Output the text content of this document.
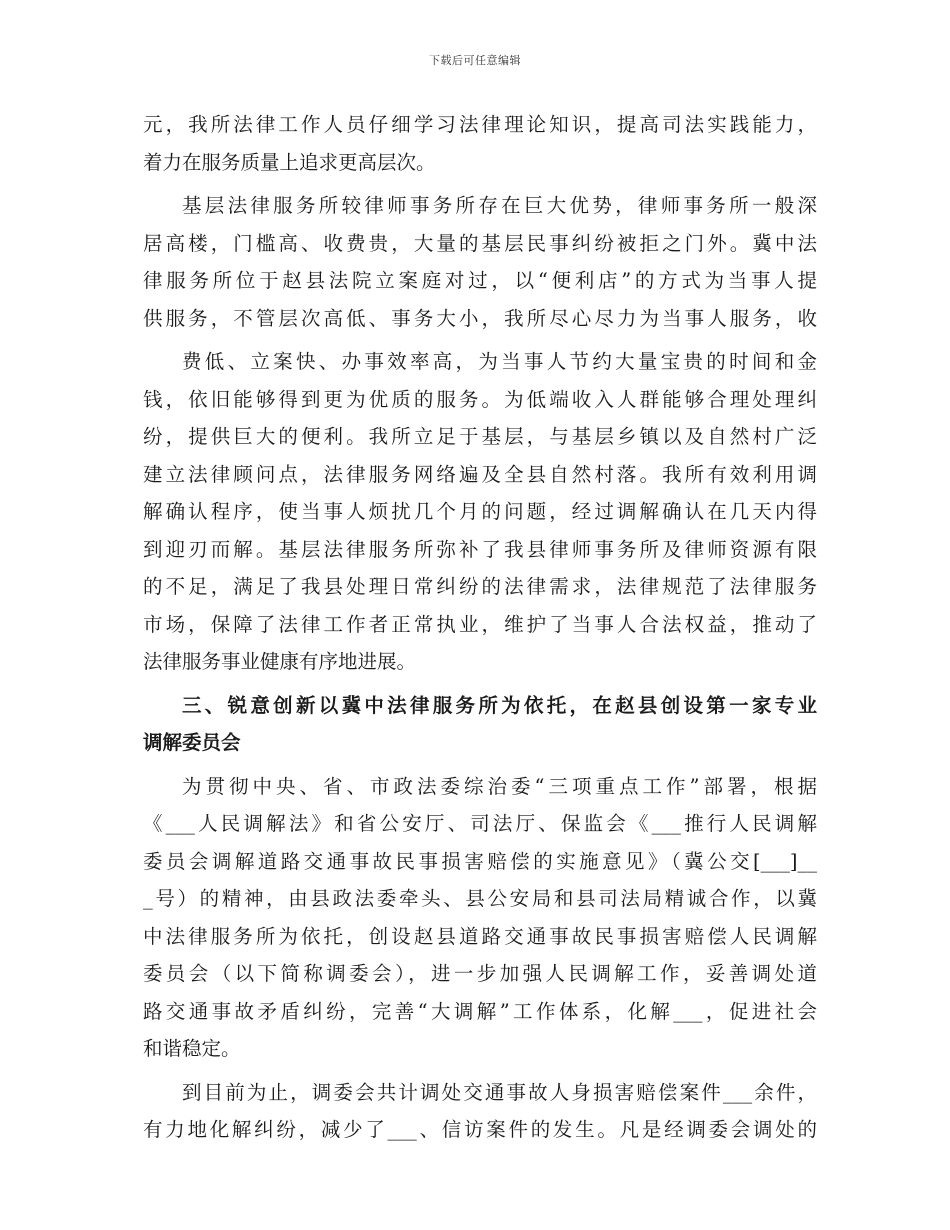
下载后可任意编辑
元，我所法律工作人员仔细学习法律理论知识，提高司法实践能力，
着力在服务质量上追求更高层次。
基层法律服务所较律师事务所存在巨大优势，律师事务所一般深
居高楼，门槛高、收费贵，大量的基层民事纠纷被拒之门外。冀中法
律服务所位于赵县法院立案庭对过，以“便利店”的方式为当事人提
供服务，不管层次高低、事务大小，我所尽心尽力为当事人服务，收
费低、立案快、办事效率高，为当事人节约大量宝贵的时间和金
钱，依旧能够得到更为优质的服务。为低端收入人群能够合理处理纠
纷，提供巨大的便利。我所立足于基层，与基层乡镇以及自然村广泛
建立法律顾问点，法律服务网络遍及全县自然村落。我所有效利用调
解确认程序，使当事人烦扰几个月的问题，经过调解确认在几天内得
到迎刃而解。基层法律服务所弥补了我县律师事务所及律师资源有限
的不足，满足了我县处理日常纠纷的法律需求，法律规范了法律服务
市场，保障了法律工作者正常执业，维护了当事人合法权益，推动了
法律服务事业健康有序地进展。
三、锐意创新以冀中法律服务所为依托，在赵县创设第一家专业
调解委员会
为贯彻中央、省、市政法委综治委“三项重点工作”部署，根据
《___人民调解法》和省公安厅、司法厅、保监会《___推行人民调解
委员会调解道路交通事故民事损害赔偿的实施意见》（冀公交[___]__
_号）的精神，由县政法委牵头、县公安局和县司法局精诚合作，以冀
中法律服务所为依托，创设赵县道路交通事故民事损害赔偿人民调解
委员会（以下简称调委会），进一步加强人民调解工作，妥善调处道
路交通事故矛盾纠纷，完善“大调解”工作体系，化解___，促进社会
和谐稳定。
到目前为止，调委会共计调处交通事故人身损害赔偿案件___余件，
有力地化解纠纷，减少了___、信访案件的发生。凡是经调委会调处的
